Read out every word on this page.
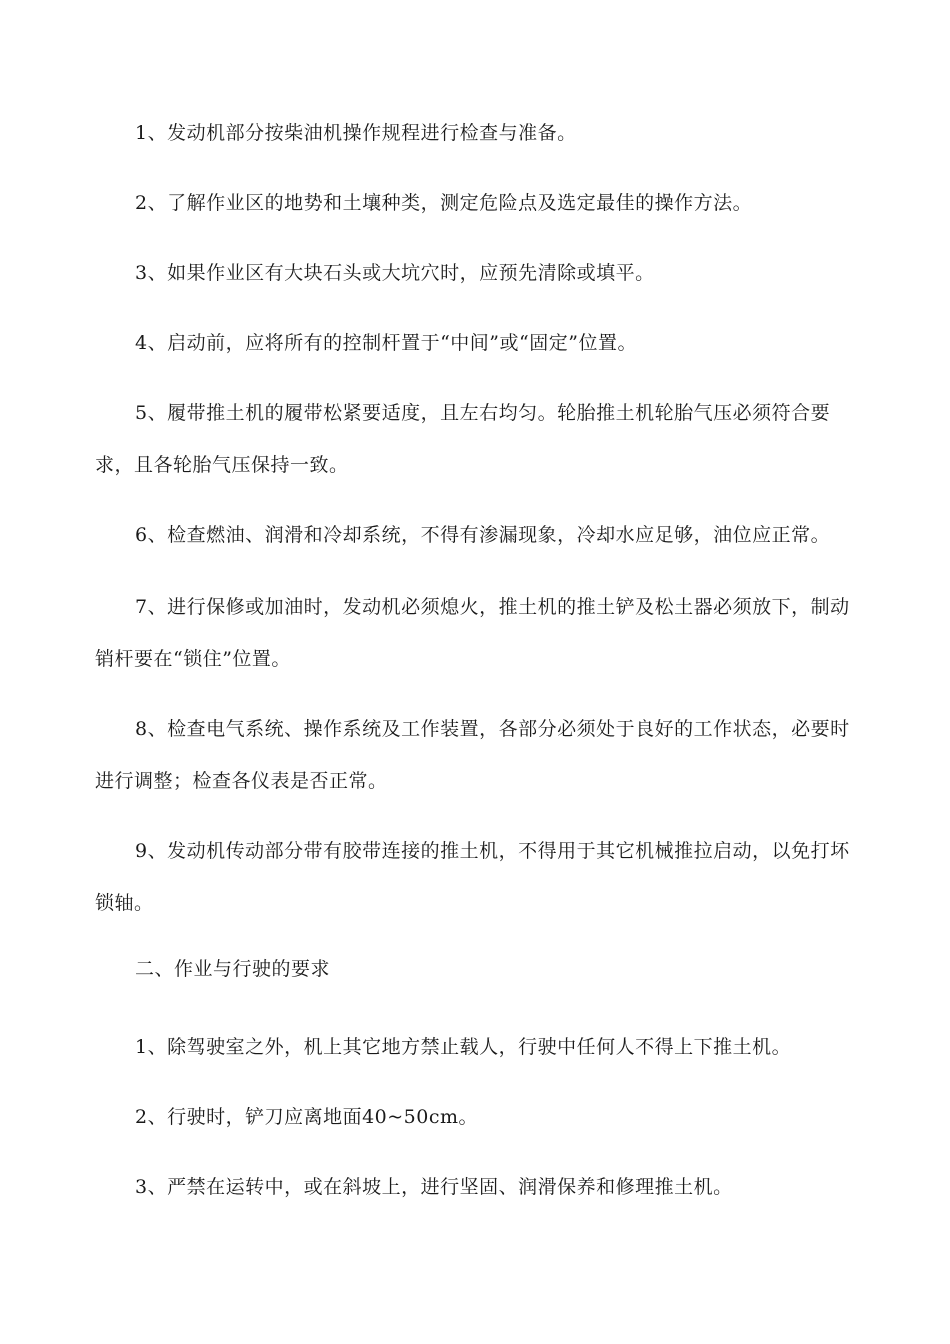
1、发动机部分按柴油机操作规程进行检查与准备。

2、了解作业区的地势和土壤种类，测定危险点及选定最佳的操作方法。

3、如果作业区有大块石头或大坑穴时，应预先清除或填平。

4、启动前，应将所有的控制杆置于“中间”或“固定”位置。

5、履带推土机的履带松紧要适度，且左右均匀。轮胎推土机轮胎气压必须符合要求，且各轮胎气压保持一致。

6、检查燃油、润滑和冷却系统，不得有渗漏现象，冷却水应足够，油位应正常。

7、进行保修或加油时，发动机必须熄火，推土机的推土铲及松土器必须放下，制动销杆要在“锁住”位置。

8、检查电气系统、操作系统及工作装置，各部分必须处于良好的工作状态，必要时进行调整；检查各仪表是否正常。

9、发动机传动部分带有胶带连接的推土机，不得用于其它机械推拉启动，以免打坏锁轴。

二、作业与行驶的要求

1、除驾驶室之外，机上其它地方禁止载人，行驶中任何人不得上下推土机。

2、行驶时，铲刀应离地面40~50cm。

3、严禁在运转中，或在斜坡上，进行坚固、润滑保养和修理推土机。
